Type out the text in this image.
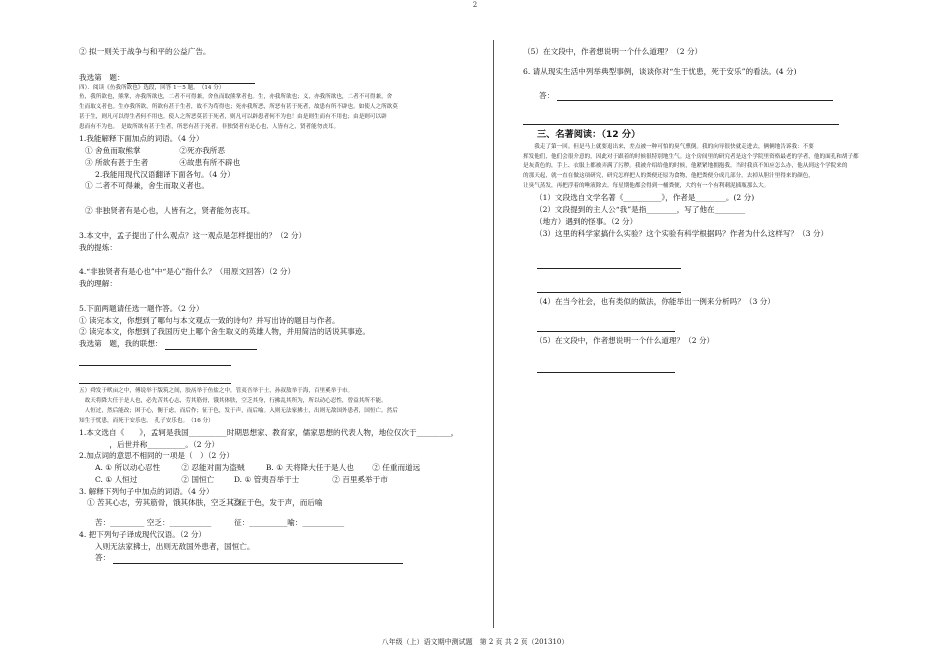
2
② 拟一则关于战争与和平的公益广告。
我选第　题：
四）．阅读《鱼我所欲也》选段，回答 1－5 题。　（14 分）
鱼，我所欲也，熊掌，亦我所欲也，二者不可得兼，舍鱼而取熊掌者也。生，亦我所欲也；义，亦我所欲也，二者不可得兼，舍
生而取义者也。生亦我所欲，所欲有甚于生者，故不为苟得也；死亦我所恶，所恶有甚于死者，故患有所不辟也。如使人之所欲莫
甚于生，则凡可以得生者何不用也。使人之所恶莫甚于死者，则凡可以辟患者何不为也！由是则生而有不用也；由是则可以辟
患而有不为也。　是故所欲有甚于生者，所恶有甚于死者。非独贤者有是心也，人皆有之，贤者能勿丧耳。
1.我能解释下面加点的词语。（4 分）
① 舍鱼而取熊掌	②死亦我所恶
③ 所欲有甚于生者	④故患有所不辟也
2.我能用现代汉语翻译下面各句。（4 分）
① 二者不可得兼，舍生而取义者也。
② 非独贤者有是心也，人皆有之，贤者能勿丧耳。
3.本文中，孟子提出了什么观点？这一观点是怎样提出的？（2 分）
我的提炼：
4.“非独贤者有是心也”中“是心”指什么？（用原文回答）（2 分）
我的理解：
5.下面两题请任选一题作答。（2 分）
① 读完本文，你想到了哪句与本文观点一致的诗句？并写出诗的题目与作者。
② 读完本文，你想到了我国历史上哪个舍生取义的英雄人物，并用简洁的话说其事迹。
我选第　题，我的联想：
五）舜发于畎亩之中，傅说举于版筑之间，胶鬲举于鱼盐之中，管夷吾举于士，孙叔敖举于海，百里奚举于市。
　故天将降大任于是人也，必先苦其心志，劳其筋骨，饿其体肤，空乏其身，行拂乱其所为，所以动心忍性，曾益其所不能。
　人恒过，然后能改；困于心，衡于虑，而后作；征于色，发于声，而后喻。入则无法家拂士，出则无敌国外患者，国恒亡。然后
知生于忧患，而死于安乐也。　孔子安乐也。　（16 分）
1.本文选自《　　》，孟轲是我国__________时期思想家、教育家，儒家思想的代表人物，地位仅次于_________，
　　　　，后世并称__________。（2 分）
2.加点词的意思不相同的一项是（　）（2 分）
A. ① 所以动心忍性	② 忍能对面为盗贼	B. ① 天将降大任于是人也 ② 任重而道远
C. ① 人恒过	② 国恒亡	D. ① 管夷吾举于士	② 百里奚举于市
3. 解释下列句子中加点的词语。（4 分）
① 苦其心志，劳其筋骨，饿其体肤，空乏其身 ②征于色，发于声，而后喻
苦：_________ 空乏：___________　　　征：__________喻：___________
4. 把下列句子译成现代汉语。（2 分）
入则无法家拂士，出则无敌国外患者，国恒亡。
答：
（5）在文段中，作者想说明一个什么道理？（2 分）
6. 请从现实生活中列举典型事例，谈谈你对“生于忧患，死于安乐”的看法。(4 分)
答：
三、名著阅读：（12 分）
　　我走了第一回。但是马上就要退出来，差点被一种可怕的臭气熏倒。我的向导很快就走进去，俩俩地告诉我：不要
挥发他们，他们会很介意的，因此对于跟着的时候很特别地生气。这个房间里的研究者是这个学院里资格最老的学者，他的面孔和胡子都
是灰黄色的，手上、衣服上都被弄满了污秽。我被介绍给他的时候，他紧紧地拥抱我。当时我真不知应怎么办，他从到这个学院来的
的那天起，就一直在做这项研究，研究怎样把人的粪便还原为食物，他把粪便分成几部分，去掉从胆汁里得来的颜色，
让臭气蒸发，再把浮着的唾液除去。每星期他都会得到一桶粪便，大约有一个有利刺泥插瓶那么大。
（1）文段选自文学名著《__________》，作者是________。(2 分)
（2）文段提到的主人公“我”是指________，写了他在________
（地方）遇到的怪事。（2 分）
（3）这里的科学家搞什么实验？这个实验有科学根据吗？作者为什么这样写？（3 分）
（4）在当今社会，也有类似的做法，你能举出一例来分析吗？（3 分）
（5）在文段中，作者想说明一个什么道理？（2 分）
八年级（上）语文期中测试题　第 2 页 共 2 页（201310）
